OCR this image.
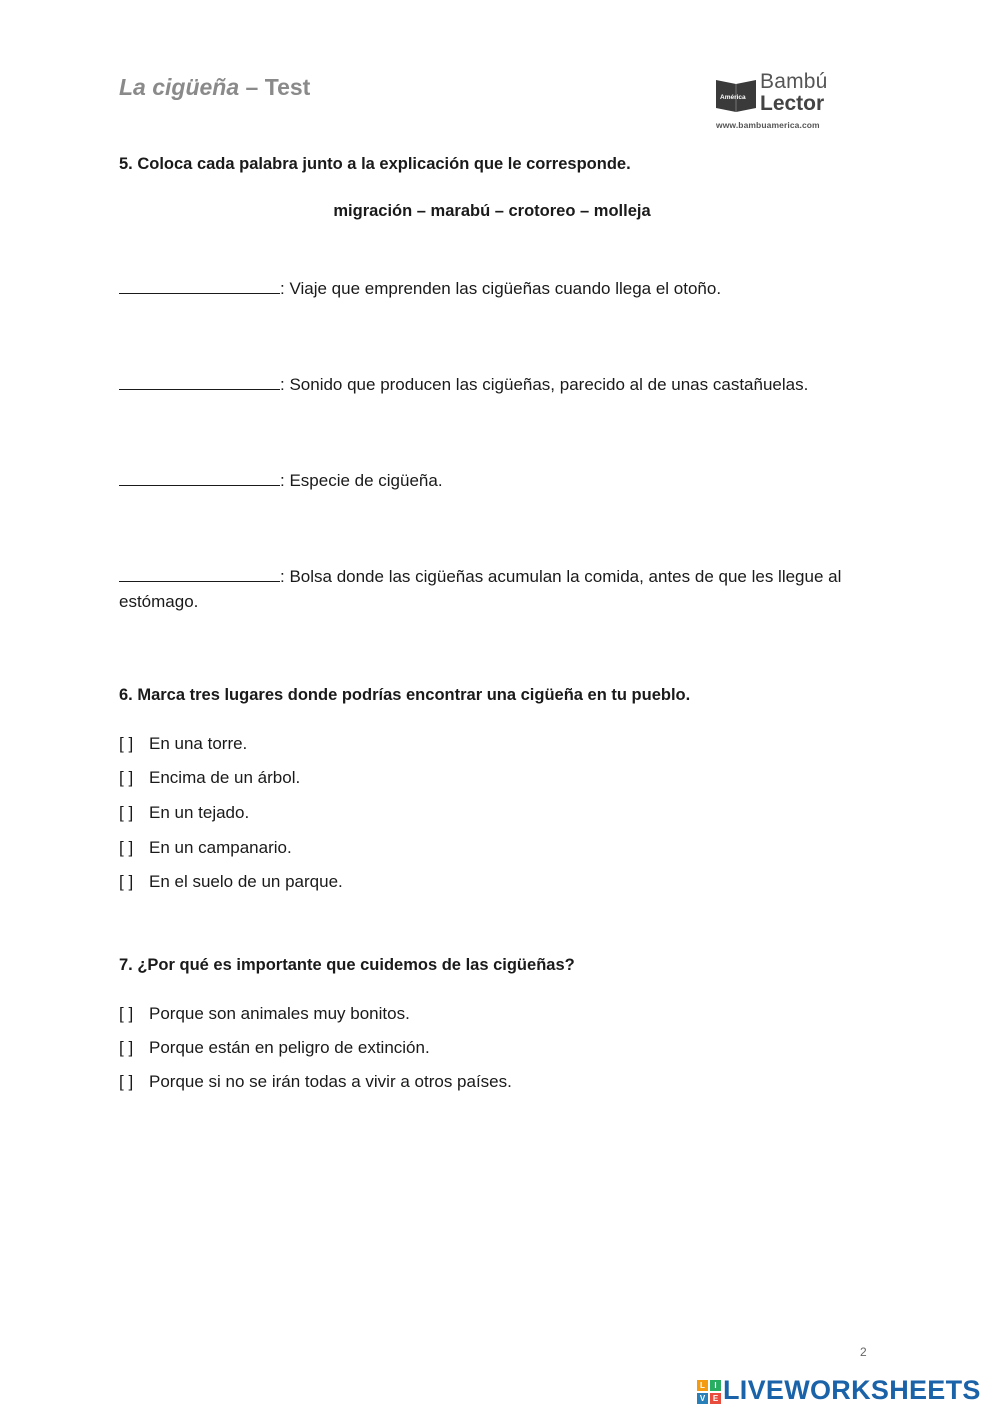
La cigüeña – Test	América
Bambú
Lector
www.bambuamerica.com
5. Coloca cada palabra junto a la explicación que le corresponde.
migración – marabú – crotoreo – molleja
: Viaje que emprenden las cigüeñas cuando llega el otoño.
: Sonido que producen las cigüeñas, parecido al de unas castañuelas.
: Especie de cigüeña.
: Bolsa donde las cigüeñas acumulan la comida, antes de que les llegue al estómago.
6. Marca tres lugares donde podrías encontrar una cigüeña en tu pueblo.
[ ] En una torre.
[ ] Encima de un árbol.
[ ] En un tejado.
[ ] En un campanario.
[ ] En el suelo de un parque.
7. ¿Por qué es importante que cuidemos de las cigüeñas?
[ ] Porque son animales muy bonitos.
[ ] Porque están en peligro de extinción.
[ ] Porque si no se irán todas a vivir a otros países.
2
L	I
V E LIVEWORKSHEETS
